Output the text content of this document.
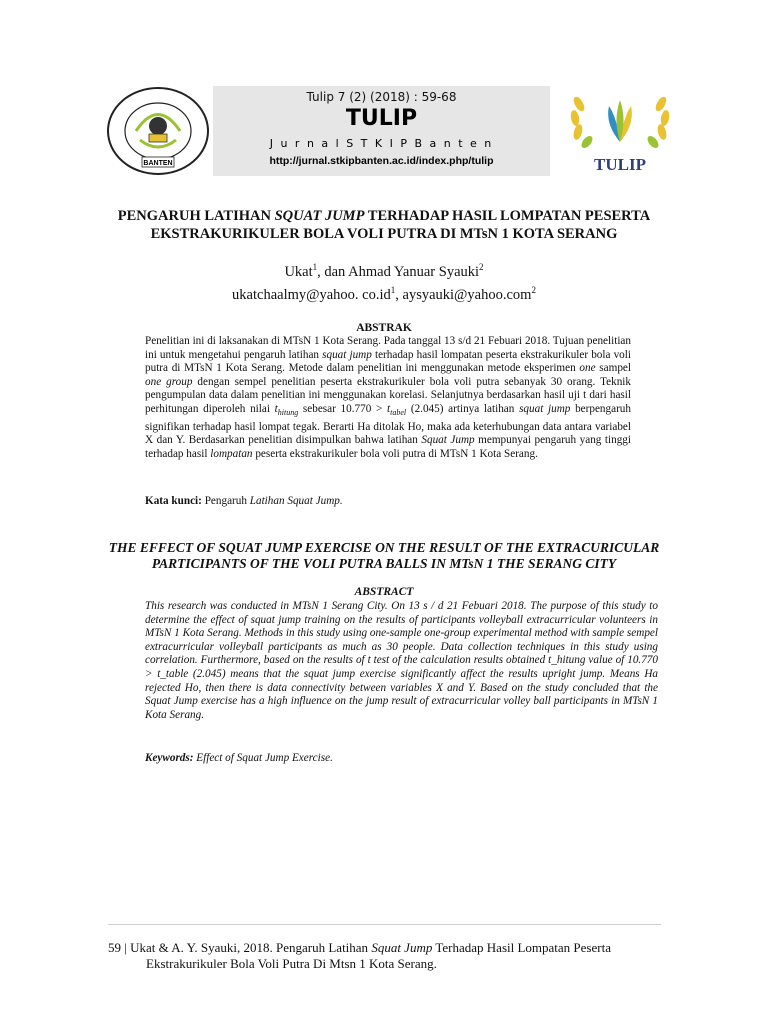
BANTEN
Tulip 7 (2) (2018) : 59-68
TULIP
J u r n a l S T K I P B a n t e n
http://jurnal.stkipbanten.ac.id/index.php/tulip	TULIP
PENGARUH LATIHAN SQUAT JUMP TERHADAP HASIL LOMPATAN PESERTA
EKSTRAKURIKULER BOLA VOLI PUTRA DI MTsN 1 KOTA SERANG
Ukat$^1$, dan Ahmad Yanuar Syauki$^2$
ukatchaalmy@yahoo. $co.id^1$, aysyauki@yahoo.com$^2$
ABSTRAK
Penelitian ini di laksanakan di MTsN 1 Kota Serang. Pada tanggal 13 s/d 21 Febuari 2018. Tujuan penelitian ini untuk mengetahui pengaruh latihan squat jump terhadap hasil lompatan peserta ekstrakurikuler bola voli putra di MTsN 1 Kota Serang. Metode dalam penelitian ini menggunakan metode eksperimen one sampel one group dengan sempel penelitian peserta ekstrakurikuler bola voli putra sebanyak 30 orang. Teknik pengumpulan data dalam penelitian ini menggunakan korelasi. Selanjutnya berdasarkan hasil uji t dari hasil perhitungan diperoleh nilai $t_{hitung}$ sebesar $10.770 > t_{tabel}$ (2.045) artinya latihan squat jump berpengaruh signifikan terhadap hasil lompat tegak. Berarti Ha ditolak Ho, maka ada keterhubungan data antara variabel X dan Y. Berdasarkan penelitian disimpulkan bahwa latihan Squat Jump mempunyai pengaruh yang tinggi terhadap hasil lompatan peserta ekstrakurikuler bola voli putra di MTsN 1 Kota Serang.
Kata kunci: Pengaruh Latihan Squat Jump.
THE EFFECT OF SQUAT JUMP EXERCISE ON THE RESULT OF THE EXTRACURICULAR
PARTICIPANTS OF THE VOLI PUTRA BALLS IN MTsN 1 THE SERANG CITY
ABSTRACT
This research was conducted in MTsN 1 Serang City. On 13 s / d 21 Febuari 2018. The purpose of this study to determine the effect of squat jump training on the results of participants volleyball extracurricular volunteers in MTsN 1 Kota Serang. Methods in this study using one-sample one-group experimental method with sample sempel extracurricular volleyball participants as much as 30 people. Data collection techniques in this study using correlation. Furthermore, based on the results of t test of the calculation results obtained t_hitung value of 10.770 > t_table (2.045) means that the squat jump exercise significantly affect the results upright jump. Means Ha rejected Ho, then there is data connectivity between variables X and Y. Based on the study concluded that the Squat Jump exercise has a high influence on the jump result of extracurricular volley ball participants in MTsN 1 Kota Serang.
Keywords: Effect of Squat Jump Exercise.
59 | Ukat & A. Y. Syauki, 2018. Pengaruh Latihan Squat Jump Terhadap Hasil Lompatan Peserta
Ekstrakurikuler Bola Voli Putra Di Mtsn 1 Kota Serang.
